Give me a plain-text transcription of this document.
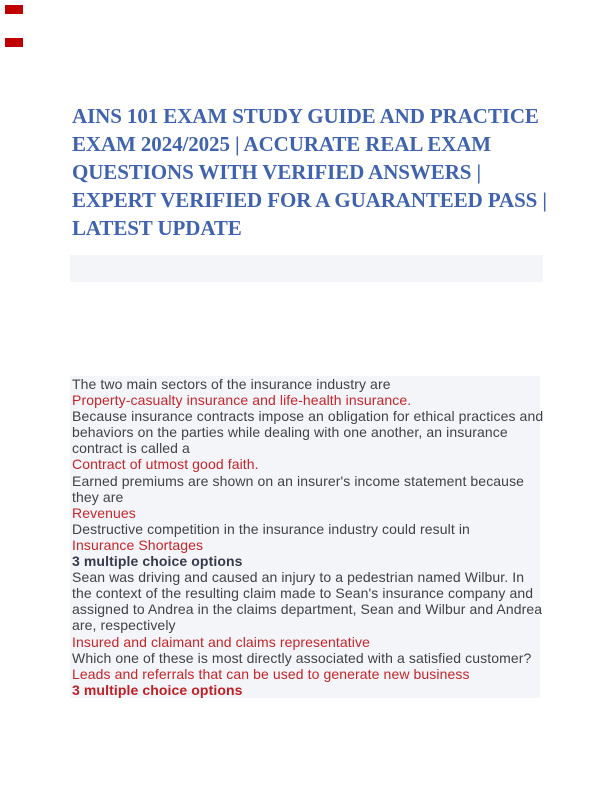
AINS 101 EXAM STUDY GUIDE AND PRACTICE
EXAM 2024/2025 | ACCURATE REAL EXAM
QUESTIONS WITH VERIFIED ANSWERS |
EXPERT VERIFIED FOR A GUARANTEED PASS |
LATEST UPDATE
The two main sectors of the insurance industry are
Property-casualty insurance and life-health insurance.
Because insurance contracts impose an obligation for ethical practices and
behaviors on the parties while dealing with one another, an insurance
contract is called a
Contract of utmost good faith.
Earned premiums are shown on an insurer's income statement because
they are
Revenues
Destructive competition in the insurance industry could result in
Insurance Shortages
3 multiple choice options
Sean was driving and caused an injury to a pedestrian named Wilbur. In
the context of the resulting claim made to Sean's insurance company and
assigned to Andrea in the claims department, Sean and Wilbur and Andrea
are, respectively
Insured and claimant and claims representative
Which one of these is most directly associated with a satisfied customer?
Leads and referrals that can be used to generate new business
3 multiple choice options
